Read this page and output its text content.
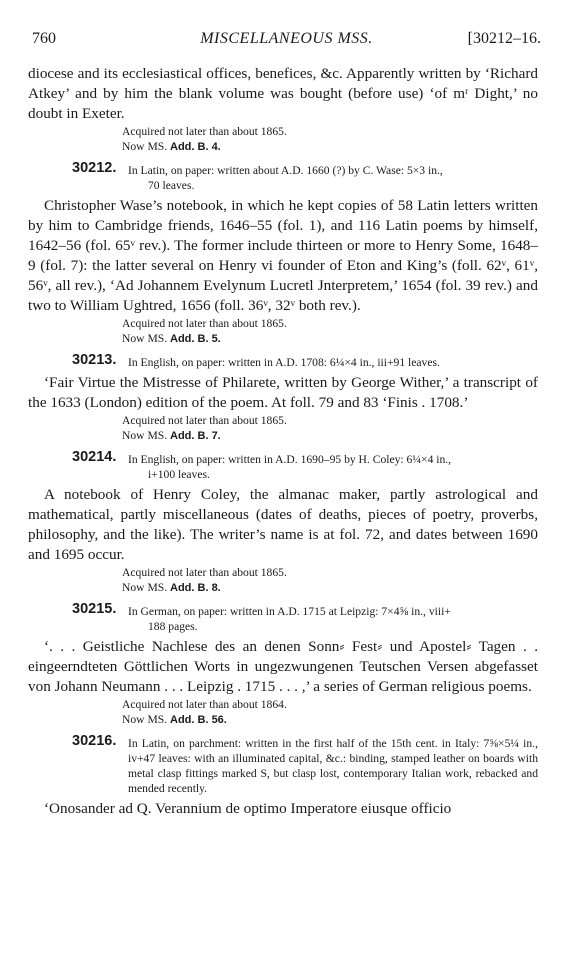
760	MISCELLANEOUS MSS.	[30212–16.

diocese and its ecclesiastical offices, benefices, &c. Apparently written by ‘Richard Atkey’ and by him the blank volume was bought (before use) ‘of mʳ Dight,’ no doubt in Exeter.

Acquired not later than about 1865.

Now MS. Add. B. 4.

30212.	In Latin, on paper: written about A.D. 1660 (?) by C. Wase: 5×3 in.,
70 leaves.

Christopher Wase’s notebook, in which he kept copies of 58 Latin letters written by him to Cambridge friends, 1646–55 (fol. 1), and 116 Latin poems by himself, 1642–56 (fol. 65ᵛ rev.). The former include thirteen or more to Henry Some, 1648–9 (fol. 7): the latter several on Henry vi founder of Eton and King’s (foll. 62ᵛ, 61ᵛ, 56ᵛ, all rev.), ‘Ad Johannem Evelynum Lucretl Jnterpretem,’ 1654 (fol. 39 rev.) and two to William Ughtred, 1656 (foll. 36ᵛ, 32ᵛ both rev.).

Acquired not later than about 1865.

Now MS. Add. B. 5.

30213.	In English, on paper: written in A.D. 1708: 6¼×4 in., iii+91 leaves.

‘Fair Virtue the Mistresse of Philarete, written by George Wither,’ a transcript of the 1633 (London) edition of the poem. At foll. 79 and 83 ‘Finis . 1708.’

Acquired not later than about 1865.

Now MS. Add. B. 7.

30214.	In English, on paper: written in A.D. 1690–95 by H. Coley: 6¼×4 in.,
i+100 leaves.

A notebook of Henry Coley, the almanac maker, partly astrological and mathematical, partly miscellaneous (dates of deaths, pieces of poetry, proverbs, philosophy, and the like). The writer’s name is at fol. 72, and dates between 1690 and 1695 occur.

Acquired not later than about 1865.

Now MS. Add. B. 8.

30215.	In German, on paper: written in A.D. 1715 at Leipzig: 7×4⅝ in., viii+
188 pages.

‘. . . Geistliche Nachlese des an denen Sonn⸗ Fest⸗ und Apostel⸗ Tagen . . eingeerndteten Göttlichen Worts in ungezwungenen Teutschen Versen abgefasset von Johann Neumann . . . Leipzig . 1715 . . . ,’ a series of German religious poems.

Acquired not later than about 1864.

Now MS. Add. B. 56.

30216.	In Latin, on parchment: written in the first half of the 15th cent. in Italy: 7⅝×5¼ in., iv+47 leaves: with an illuminated capital, &c.: binding, stamped leather on boards with metal clasp fittings marked S, but clasp lost, contemporary Italian work, rebacked and mended recently.

‘Onosander ad Q. Verannium de optimo Imperatore eiusque officio
